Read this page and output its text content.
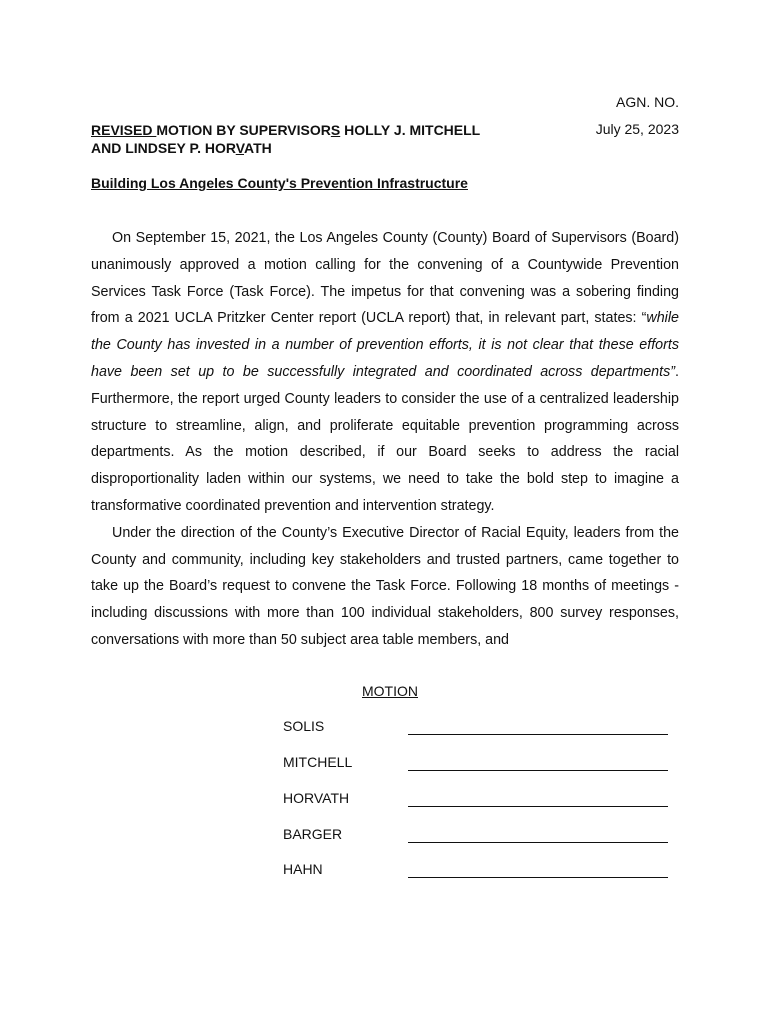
AGN. NO.
July 25, 2023
REVISED MOTION BY SUPERVISORS HOLLY J. MITCHELL
AND LINDSEY P. HORVATH
Building Los Angeles County's Prevention Infrastructure

On September 15, 2021, the Los Angeles County (County) Board of Supervisors (Board) unanimously approved a motion calling for the convening of a Countywide Prevention Services Task Force (Task Force). The impetus for that convening was a sobering finding from a 2021 UCLA Pritzker Center report (UCLA report) that, in relevant part, states: “while the County has invested in a number of prevention efforts, it is not clear that these efforts have been set up to be successfully integrated and coordinated across departments”. Furthermore, the report urged County leaders to consider the use of a centralized leadership structure to streamline, align, and proliferate equitable prevention programming across departments. As the motion described, if our Board seeks to address the racial disproportionality laden within our systems, we need to take the bold step to imagine a transformative coordinated prevention and intervention strategy.

Under the direction of the County’s Executive Director of Racial Equity, leaders from the County and community, including key stakeholders and trusted partners, came together to take up the Board’s request to convene the Task Force. Following 18 months of meetings - including discussions with more than 100 individual stakeholders, 800 survey responses, conversations with more than 50 subject area table members, and

MOTION
SOLIS
MITCHELL
HORVATH
BARGER
HAHN
